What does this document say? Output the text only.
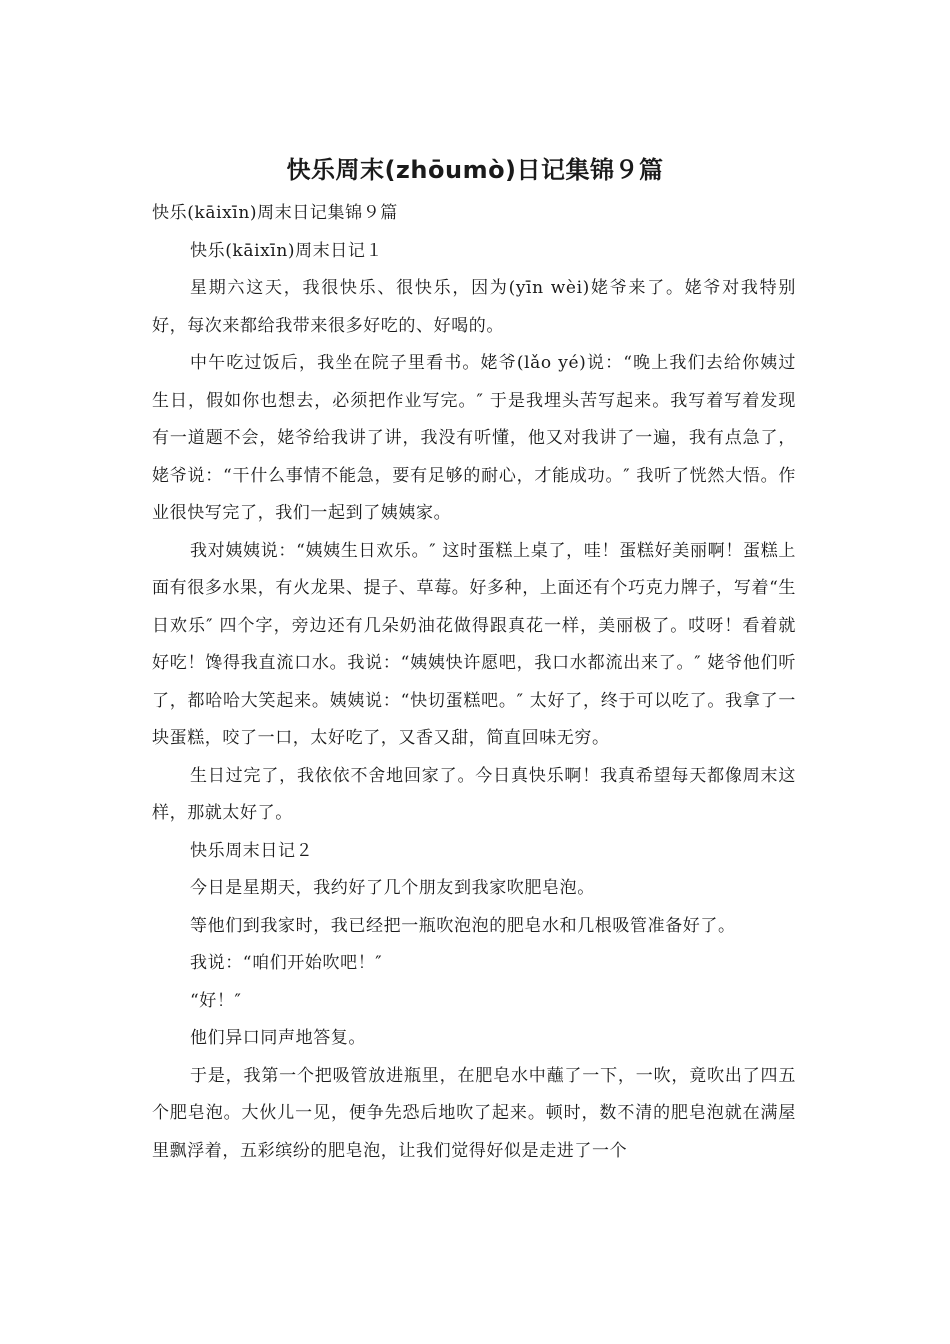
快乐周末(zhōumò)日记集锦９篇

快乐(kāixīn)周末日记集锦９篇

快乐(kāixīn)周末日记１

星期六这天，我很快乐、很快乐，因为(yīn wèi)姥爷来了。姥爷对我特别好，每次来都给我带来很多好吃的、好喝的。

中午吃过饭后，我坐在院子里看书。姥爷(lǎo yé)说：“晚上我们去给你姨过生日，假如你也想去，必须把作业写完。″ 于是我埋头苦写起来。我写着写着发现有一道题不会，姥爷给我讲了讲，我没有听懂，他又对我讲了一遍，我有点急了，姥爷说：“干什么事情不能急，要有足够的耐心，才能成功。″ 我听了恍然大悟。作业很快写完了，我们一起到了姨姨家。

我对姨姨说：“姨姨生日欢乐。″ 这时蛋糕上桌了，哇！蛋糕好美丽啊！蛋糕上面有很多水果，有火龙果、提子、草莓。好多种，上面还有个巧克力牌子，写着“生日欢乐″ 四个字，旁边还有几朵奶油花做得跟真花一样，美丽极了。哎呀！看着就好吃！馋得我直流口水。我说：“姨姨快许愿吧，我口水都流出来了。″ 姥爷他们听了，都哈哈大笑起来。姨姨说：“快切蛋糕吧。″ 太好了，终于可以吃了。我拿了一块蛋糕，咬了一口，太好吃了，又香又甜，简直回味无穷。

生日过完了，我依依不舍地回家了。今日真快乐啊！我真希望每天都像周末这样，那就太好了。

快乐周末日记２

今日是星期天，我约好了几个朋友到我家吹肥皂泡。

等他们到我家时，我已经把一瓶吹泡泡的肥皂水和几根吸管准备好了。

我说：“咱们开始吹吧！″

“好！″

他们异口同声地答复。

于是，我第一个把吸管放进瓶里，在肥皂水中蘸了一下，一吹，竟吹出了四五个肥皂泡。大伙儿一见，便争先恐后地吹了起来。顿时，数不清的肥皂泡就在满屋里飘浮着，五彩缤纷的肥皂泡，让我们觉得好似是走进了一个
